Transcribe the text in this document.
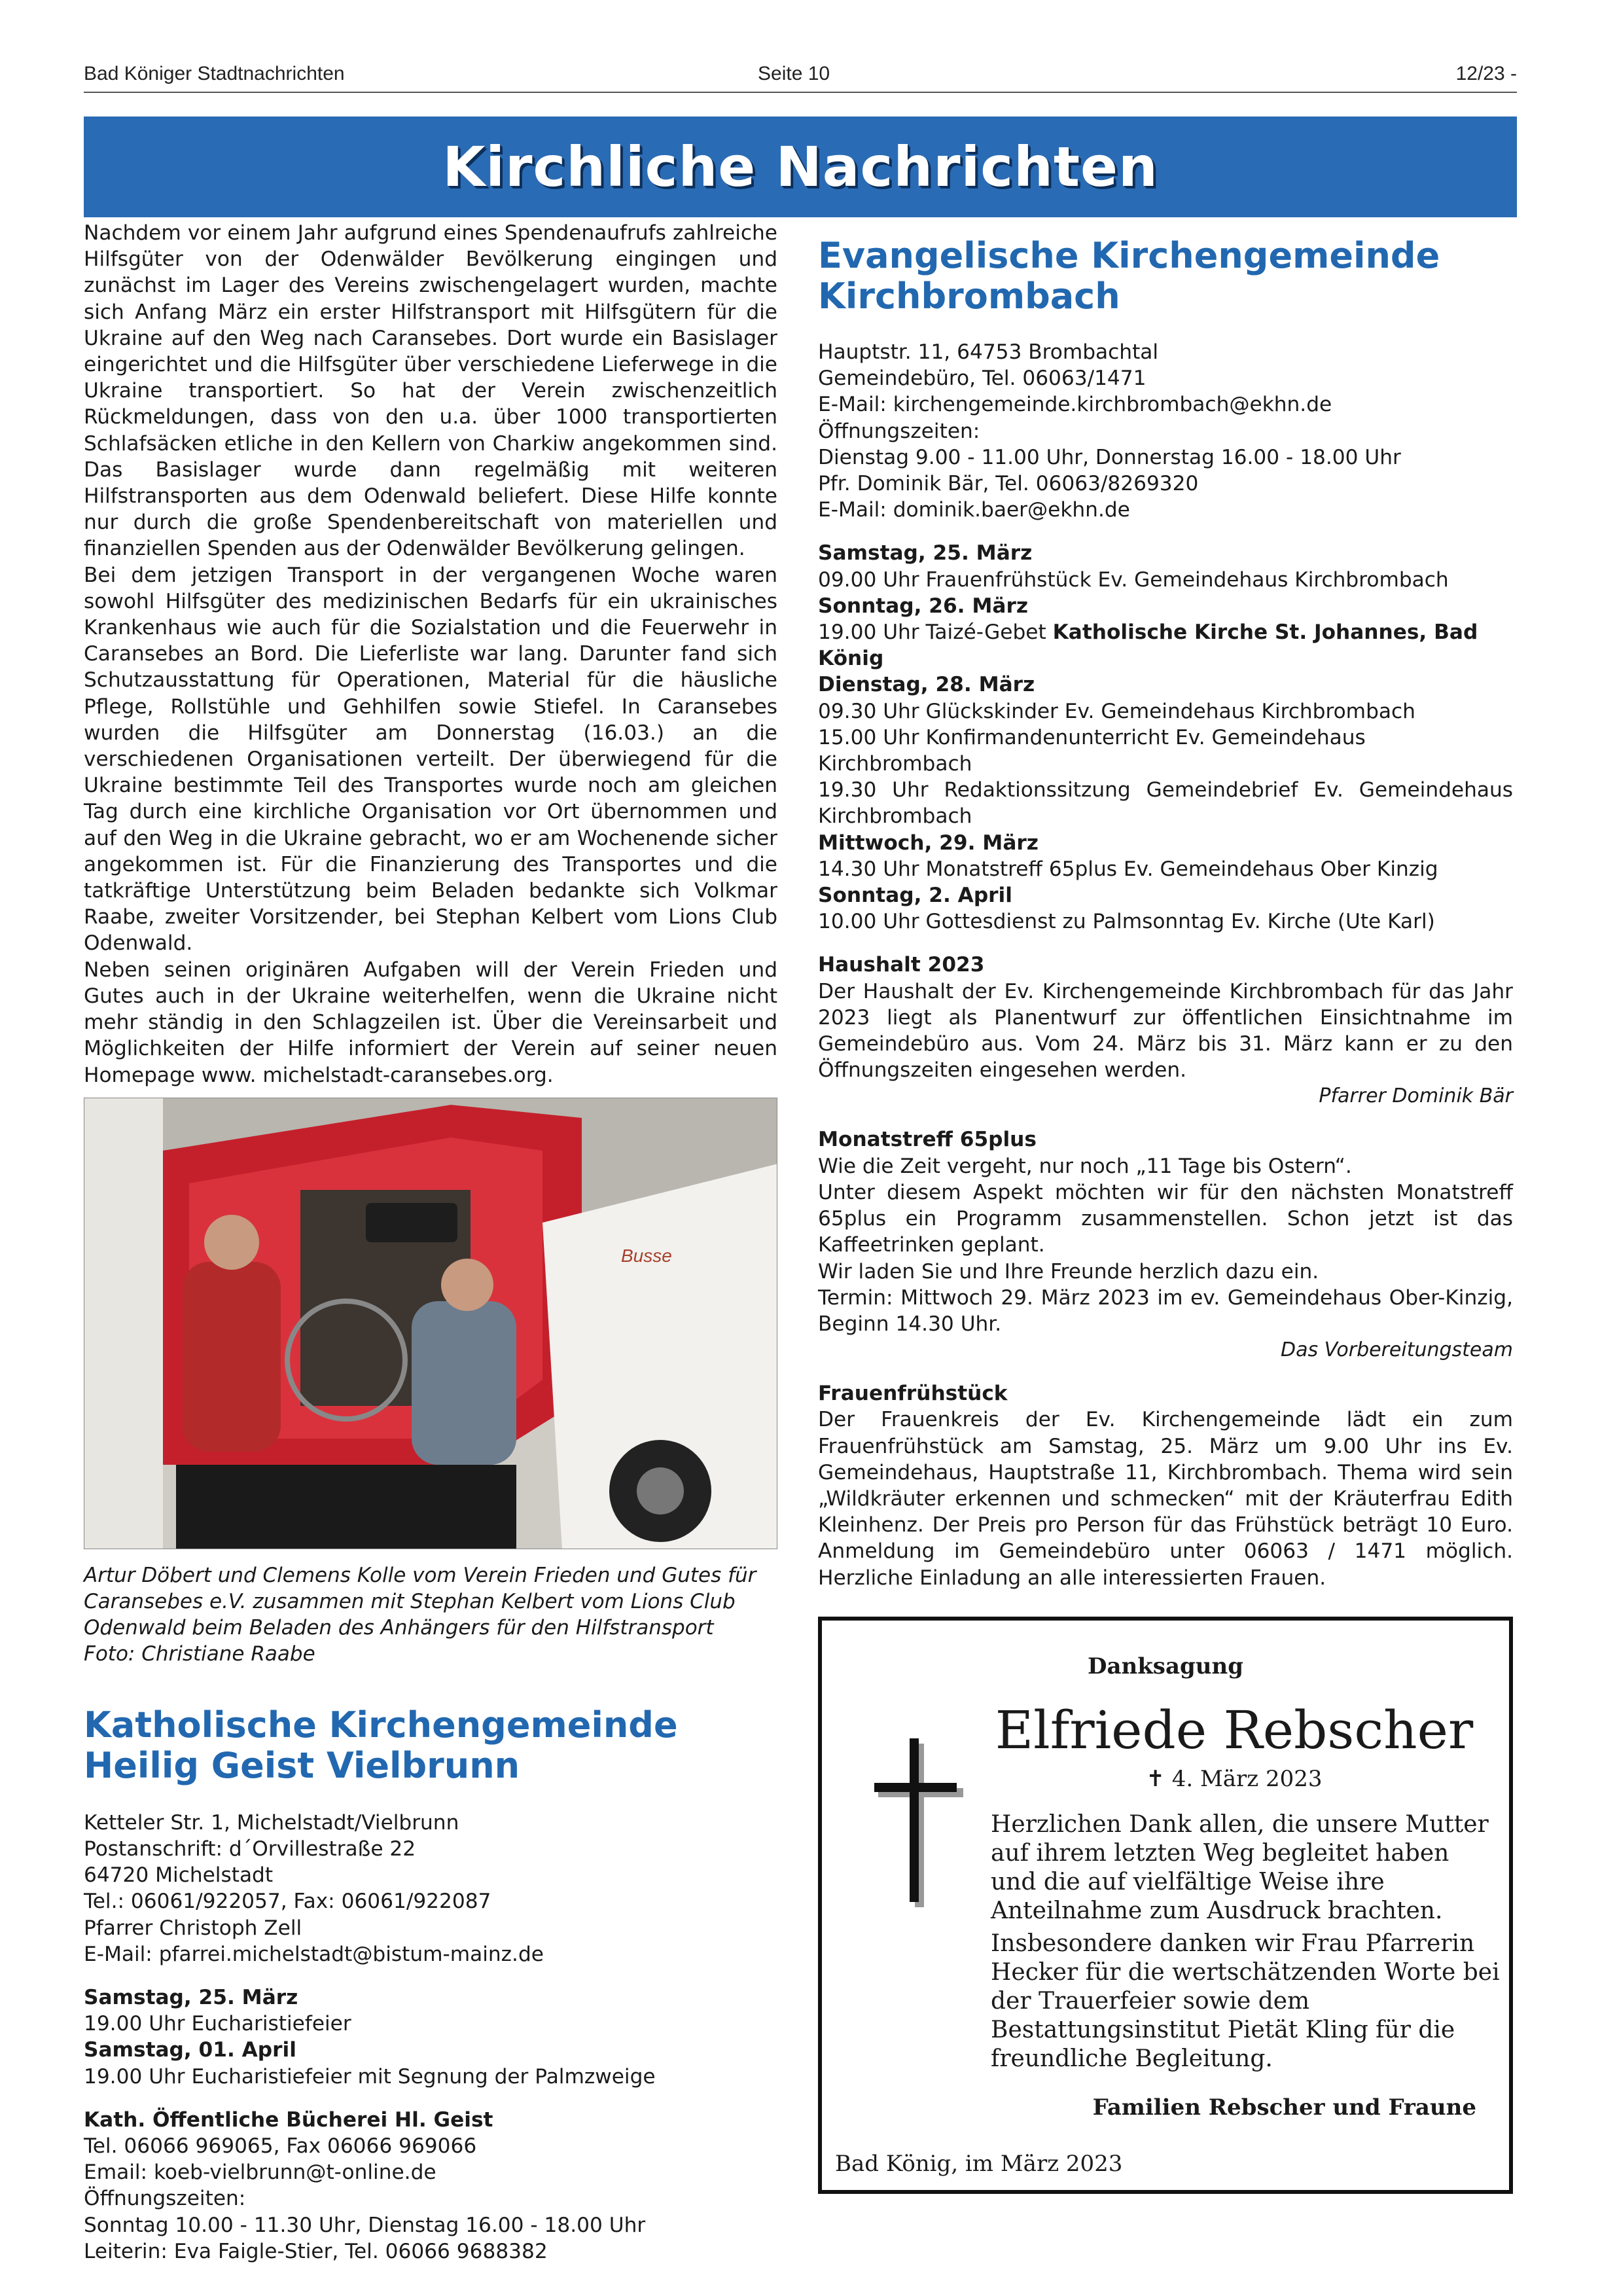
Bad Königer Stadtnachrichten	Seite 10	12/23 -
Kirchliche Nachrichten

Nachdem vor einem Jahr aufgrund eines Spendenaufrufs zahlreiche Hilfsgüter von der Odenwälder Bevölkerung eingingen und zunächst im Lager des Vereins zwischengelagert wurden, machte sich Anfang März ein erster Hilfstransport mit Hilfsgütern für die Ukraine auf den Weg nach Caransebes. Dort wurde ein Basislager eingerichtet und die Hilfsgüter über verschiedene Lieferwege in die Ukraine transportiert. So hat der Verein zwischenzeitlich Rückmeldungen, dass von den u.a. über 1000 transportierten Schlafsäcken etliche in den Kellern von Charkiw angekommen sind. Das Basislager wurde dann regelmäßig mit weiteren Hilfstransporten aus dem Odenwald beliefert. Diese Hilfe konnte nur durch die große Spendenbereitschaft von materiellen und finanziellen Spenden aus der Odenwälder Bevölkerung gelingen.

Bei dem jetzigen Transport in der vergangenen Woche waren sowohl Hilfsgüter des medizinischen Bedarfs für ein ukrainisches Krankenhaus wie auch für die Sozialstation und die Feuerwehr in Caransebes an Bord. Die Lieferliste war lang. Darunter fand sich Schutzausstattung für Operationen, Material für die häusliche Pflege, Rollstühle und Gehhilfen sowie Stiefel. In Caransebes wurden die Hilfsgüter am Donnerstag (16.03.) an die verschiedenen Organisationen verteilt. Der überwiegend für die Ukraine bestimmte Teil des Transportes wurde noch am gleichen Tag durch eine kirchliche Organisation vor Ort übernommen und auf den Weg in die Ukraine gebracht, wo er am Wochenende sicher angekommen ist. Für die Finanzierung des Transportes und die tatkräftige Unterstützung beim Beladen bedankte sich Volkmar Raabe, zweiter Vorsitzender, bei Stephan Kelbert vom Lions Club Odenwald.

Neben seinen originären Aufgaben will der Verein Frieden und Gutes auch in der Ukraine weiterhelfen, wenn die Ukraine nicht mehr ständig in den Schlagzeilen ist. Über die Vereinsarbeit und Möglichkeiten der Hilfe informiert der Verein auf seiner neuen Homepage www. michelstadt-caransebes.org.

Busse

Artur Döbert und Clemens Kolle vom Verein Frieden und Gutes für Caransebes e.V. zusammen mit Stephan Kelbert vom Lions Club Odenwald beim Beladen des Anhängers für den Hilfstransport
Foto: Christiane Raabe

Katholische Kirchengemeinde
Heilig Geist Vielbrunn
Ketteler Str. 1, Michelstadt/Vielbrunn
Postanschrift: d´Orvillestraße 22
64720 Michelstadt
Tel.: 06061/922057, Fax: 06061/922087
Pfarrer Christoph Zell
E-Mail: pfarrei.michelstadt@bistum-mainz.de
Samstag, 25. März
19.00 Uhr Eucharistiefeier
Samstag, 01. April
19.00 Uhr Eucharistiefeier mit Segnung der Palmzweige
Kath. Öffentliche Bücherei Hl. Geist
Tel. 06066 969065, Fax 06066 969066
Email: koeb-vielbrunn@t-online.de
Öffnungszeiten:
Sonntag 10.00 - 11.30 Uhr, Dienstag 16.00 - 18.00 Uhr
Leiterin: Eva Faigle-Stier, Tel. 06066 9688382
Evangelische Kirchengemeinde
Kirchbrombach
Hauptstr. 11, 64753 Brombachtal
Gemeindebüro, Tel. 06063/1471
E-Mail: kirchengemeinde.kirchbrombach@ekhn.de
Öffnungszeiten:
Dienstag 9.00 - 11.00 Uhr, Donnerstag 16.00 - 18.00 Uhr
Pfr. Dominik Bär, Tel. 06063/8269320
E-Mail: dominik.baer@ekhn.de
Samstag, 25. März
09.00 Uhr Frauenfrühstück Ev. Gemeindehaus Kirchbrombach
Sonntag, 26. März
19.00 Uhr Taizé-Gebet Katholische Kirche St. Johannes, Bad König
Dienstag, 28. März
09.30 Uhr Glückskinder Ev. Gemeindehaus Kirchbrombach
15.00 Uhr Konfirmandenunterricht Ev. Gemeindehaus Kirchbrombach
19.30 Uhr Redaktionssitzung Gemeindebrief Ev. Gemeindehaus Kirchbrombach
Mittwoch, 29. März
14.30 Uhr Monatstreff 65plus Ev. Gemeindehaus Ober Kinzig
Sonntag, 2. April
10.00 Uhr Gottesdienst zu Palmsonntag Ev. Kirche (Ute Karl)
Haushalt 2023

Der Haushalt der Ev. Kirchengemeinde Kirchbrombach für das Jahr 2023 liegt als Planentwurf zur öffentlichen Einsichtnahme im Gemeindebüro aus. Vom 24. März bis 31. März kann er zu den Öffnungszeiten eingesehen werden.

Pfarrer Dominik Bär
Monatstreff 65plus
Wie die Zeit vergeht, nur noch „11 Tage bis Ostern“.

Unter diesem Aspekt möchten wir für den nächsten Monatstreff 65plus ein Programm zusammenstellen. Schon jetzt ist das Kaffeetrinken geplant.

Wir laden Sie und Ihre Freunde herzlich dazu ein.

Termin: Mittwoch 29. März 2023 im ev. Gemeindehaus Ober-Kinzig, Beginn 14.30 Uhr.

Das Vorbereitungsteam
Frauenfrühstück

Der Frauenkreis der Ev. Kirchengemeinde lädt ein zum Frauenfrühstück am Samstag, 25. März um 9.00 Uhr ins Ev. Gemeindehaus, Hauptstraße 11, Kirchbrombach. Thema wird sein „Wildkräuter erkennen und schmecken“ mit der Kräuterfrau Edith Kleinhenz. Der Preis pro Person für das Frühstück beträgt 10 Euro. Anmeldung im Gemeindebüro unter 06063 / 1471 möglich. Herzliche Einladung an alle interessierten Frauen.

Danksagung
Elfriede Rebscher
✝ 4. März 2023

Herzlichen Dank allen, die unsere Mutter auf ihrem letzten Weg begleitet haben und die auf vielfältige Weise ihre Anteilnahme zum Ausdruck brachten.

Insbesondere danken wir Frau Pfarrerin Hecker für die wertschätzenden Worte bei der Trauerfeier sowie dem Bestattungsinstitut Pietät Kling für die freundliche Begleitung.

Familien Rebscher und Fraune
Bad König, im März 2023
